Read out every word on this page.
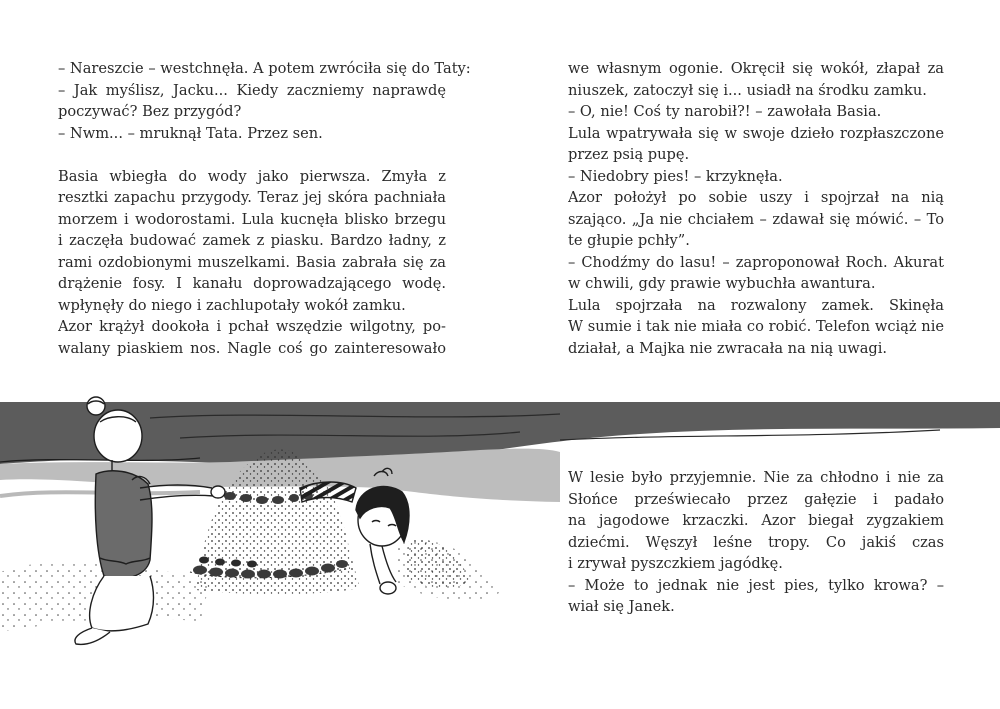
– Nareszcie – westchnęła. A potem zwróciła się do Taty:
– Jak myślisz, Jacku... Kiedy zaczniemy naprawdę
poczywać? Bez przygód?
– Nwm... – mruknął Tata. Przez sen.

Basia wbiegła do wody jako pierwsza. Zmyła z
resztki zapachu przygody. Teraz jej skóra pachniała
morzem i wodorostami. Lula kucnęła blisko brzegu
i zaczęła budować zamek z piasku. Bardzo ładny, z
rami ozdobionymi muszelkami. Basia zabrała się za
drążenie fosy. I kanału doprowadzającego wodę.
wpłynęły do niego i zachlupotały wokół zamku.
Azor krążył dookoła i pchał wszędzie wilgotny, po-
walany piaskiem nos. Nagle coś go zainteresowało

we własnym ogonie. Okręcił się wokół, złapał za
niuszek, zatoczył się i... usiadł na środku zamku.
– O, nie! Coś ty narobił?! – zawołała Basia.
Lula wpatrywała się w swoje dzieło rozpłaszczone
przez psią pupę.
– Niedobry pies! – krzyknęła.
Azor położył po sobie uszy i spojrzał na nią
szająco. „Ja nie chciałem – zdawał się mówić. – To
te głupie pchły”.
– Chodźmy do lasu! – zaproponował Roch. Akurat
w chwili, gdy prawie wybuchła awantura.
Lula spojrzała na rozwalony zamek. Skinęła
W sumie i tak nie miała co robić. Telefon wciąż nie
działał, a Majka nie zwracała na nią uwagi.

W lesie było przyjemnie. Nie za chłodno i nie za
Słońce przeświecało przez gałęzie i padało
na jagodowe krzaczki. Azor biegał zygzakiem
dziećmi. Węszył leśne tropy. Co jakiś czas
i zrywał pyszczkiem jagódkę.
– Może to jednak nie jest pies, tylko krowa? –
wiał się Janek.
